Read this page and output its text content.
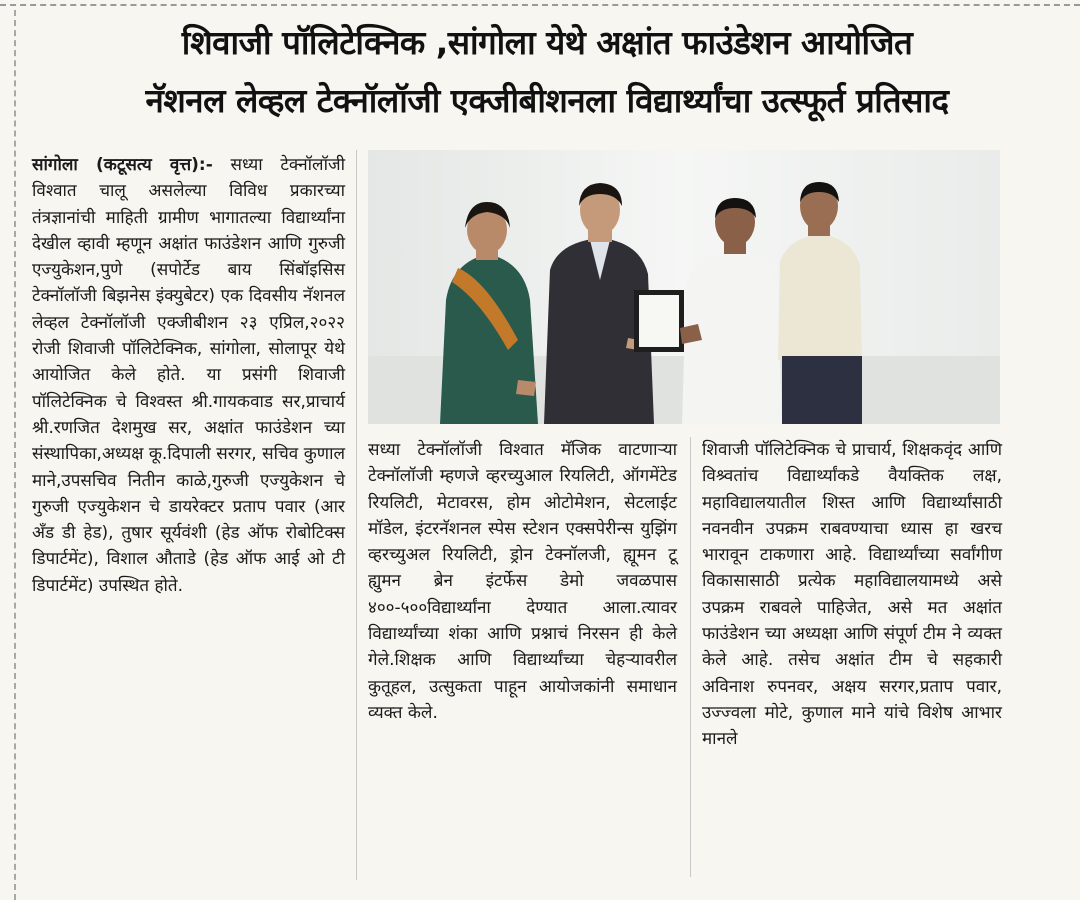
शिवाजी पॉलिटेक्निक ,सांगोला येथे अक्षांत फाउंडेशन आयोजित
नॅशनल लेव्हल टेक्नॉलॉजी एक्जीबीशनला विद्यार्थ्यांचा उत्स्फूर्त प्रतिसाद
सांगोला (कटूसत्य वृत्त):- सध्या टेक्नॉलॉजी विश्वात चालू असलेल्या विविध प्रकारच्या तंत्रज्ञानांची माहिती ग्रामीण भागातल्या विद्यार्थ्यांना देखील व्हावी म्हणून अक्षांत फाउंडेशन आणि गुरुजी एज्युकेशन,पुणे (सपोर्टेड बाय सिंबॉइसिस टेक्नॉलॉजी बिझनेस इंक्युबेटर) एक दिवसीय नॅशनल लेव्हल टेक्नॉलॉजी एक्जीबीशन २३ एप्रिल,२०२२ रोजी शिवाजी पॉलिटेक्निक, सांगोला, सोलापूर येथे आयोजित केले होते. या प्रसंगी शिवाजी पॉलिटेक्निक चे विश्वस्त श्री.गायकवाड सर,प्राचार्य श्री.रणजित देशमुख सर, अक्षांत फाउंडेशन च्या संस्थापिका,अध्यक्ष कू.दिपाली सरगर, सचिव कुणाल माने,उपसचिव नितीन काळे,गुरुजी एज्युकेशन चे गुरुजी एज्युकेशन चे डायरेक्टर प्रताप पवार (आर अँड डी हेड), तुषार सूर्यवंशी (हेड ऑफ रोबोटिक्स डिपार्टमेंट), विशाल औताडे (हेड ऑफ आई ओ टी डिपार्टमेंट) उपस्थित होते.
सध्या टेक्नॉलॉजी विश्वात मॅजिक वाटणाऱ्या टेक्नॉलॉजी म्हणजे व्हरच्युआल रियलिटी, ऑगमेंटेड रियलिटी, मेटावरस, होम ओटोमेशन, सेटलाईट मॉडेल, इंटरनॅशनल स्पेस स्टेशन एक्सपेरीन्स युझिंग व्हरच्युअल रियलिटी, ड्रोन टेक्नॉलजी, ह्यूमन टू ह्युमन ब्रेन इंटर्फेस डेमो जवळपास ४००-५००विद्यार्थ्यांना देण्यात आला.त्यावर विद्यार्थ्यांच्या शंका आणि प्रश्नाचं निरसन ही केले गेले.शिक्षक आणि विद्यार्थ्यांच्या चेहऱ्यावरील कुतूहल, उत्सुकता पाहून आयोजकांनी समाधान व्यक्त केले.
शिवाजी पॉलिटेक्निक चे प्राचार्य, शिक्षकवृंद आणि विश्र्वतांच विद्यार्थ्यांकडे वैयक्तिक लक्ष, महाविद्यालयातील शिस्त आणि विद्यार्थ्यांसाठी नवनवीन उपक्रम राबवण्याचा ध्यास हा खरच भारावून टाकणारा आहे. विद्यार्थ्यांच्या सर्वांगीण विकासासाठी प्रत्येक महाविद्यालयामध्ये असे उपक्रम राबवले पाहिजेत, असे मत अक्षांत फाउंडेशन च्या अध्यक्षा आणि संपूर्ण टीम ने व्यक्त केले आहे. तसेच अक्षांत टीम चे सहकारी अविनाश रुपनवर, अक्षय सरगर,प्रताप पवार, उज्ज्वला मोटे, कुणाल माने यांचे विशेष आभार मानले
